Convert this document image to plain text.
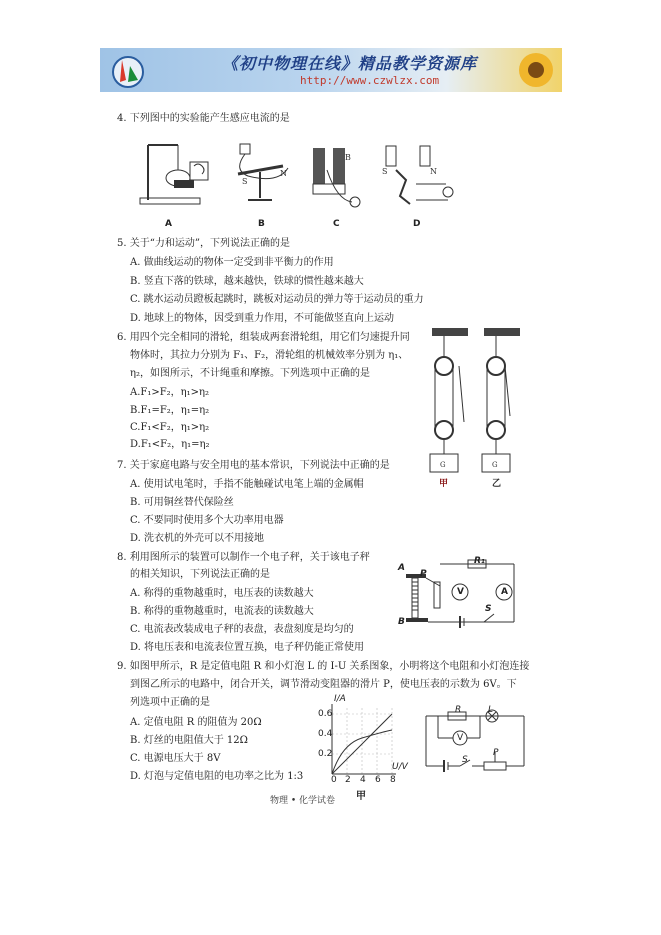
《初中物理在线》精品教学资源库
http://www.czwlzx.com
4. 下列图中的实验能产生感应电流的是
A
S
N
B
B
C
S	N
D
5. 关于“力和运动”，下列说法正确的是
A. 做曲线运动的物体一定受到非平衡力的作用
B. 竖直下落的铁球，越来越快，铁球的惯性越来越大
C. 跳水运动员蹬板起跳时，跳板对运动员的弹力等于运动员的重力
D. 地球上的物体，因受到重力作用，不可能做竖直向上运动
6. 用四个完全相同的滑轮，组装成两套滑轮组，用它们匀速提升同
物体时，其拉力分别为 F₁、F₂，滑轮组的机械效率分别为 η₁、
η₂，如图所示，不计绳重和摩擦。下列选项中正确的是
A.F₁>F₂，η₁>η₂
B.F₁=F₂，η₁=η₂
C.F₁<F₂，η₁>η₂
D.F₁<F₂，η₁=η₂
G	G
甲	乙
7. 关于家庭电路与安全用电的基本常识，下列说法中正确的是
A. 使用试电笔时，手指不能触碰试电笔上端的金属帽
B. 可用铜丝替代保险丝
C. 不要同时使用多个大功率用电器
D. 洗衣机的外壳可以不用接地
8. 利用图所示的装置可以制作一个电子秤，关于该电子秤
的相关知识，下列说法正确的是
A. 称得的重物越重时，电压表的读数越大
B. 称得的重物越重时，电流表的读数越大
C. 电流表改装成电子秤的表盘，表盘刻度是均匀的
D. 将电压表和电流表位置互换，电子秤仍能正常使用
A
B
P
R₁
V	A
S
9. 如图甲所示，R 是定值电阻 R 和小灯泡 L 的 I-U 关系图象，小明将这个电阻和小灯泡连接
到图乙所示的电路中，闭合开关，调节滑动变阻器的滑片 P，使电压表的示数为 6V。下
列选项中正确的是
A. 定值电阻 R 的阻值为 20Ω
B. 灯丝的电阻值大于 12Ω
C. 电源电压大于 8V
D. 灯泡与定值电阻的电功率之比为 1:3
I/A
U/V
0.6
0.4
0.2
0 2 4 6 8
甲
R	L
V
S
P
物理 • 化学试卷
